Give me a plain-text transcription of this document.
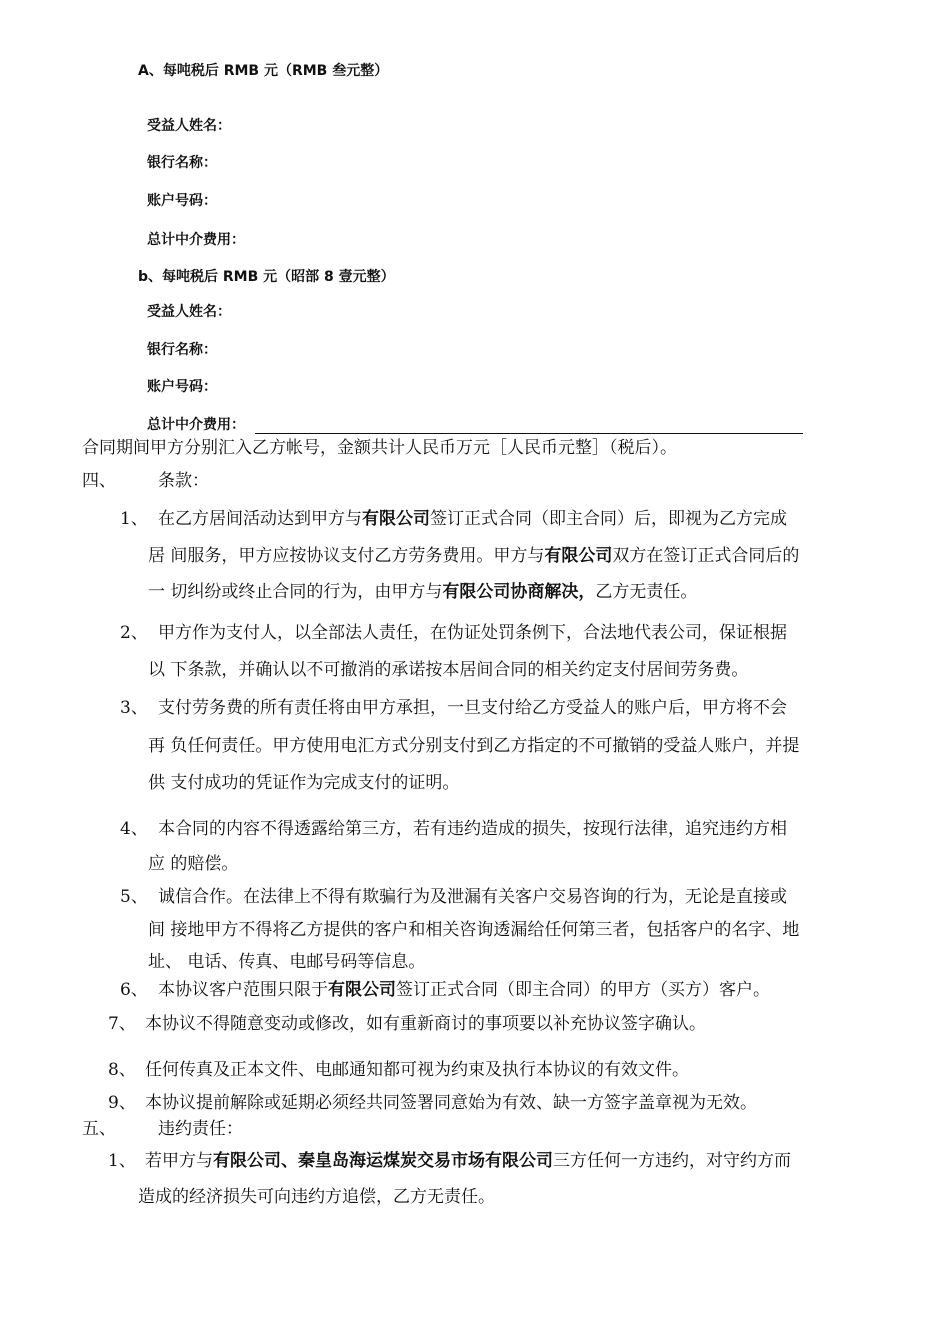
A、每吨税后 RMB 元（RMB 叁元整）
受益人姓名：
银行名称：
账户号码：
总计中介费用：
b、每吨税后 RMB 元（昭部 8 壹元整）
受益人姓名：
银行名称：
账户号码：
总计中介费用：
合同期间甲方分别汇入乙方帐号，金额共计人民币万元［人民币元整］（税后）。
四、 条款：
1、 在乙方居间活动达到甲方与有限公司签订正式合同（即主合同）后，即视为乙方完成
居 间服务，甲方应按协议支付乙方劳务费用。甲方与有限公司双方在签订正式合同后的
一 切纠纷或终止合同的行为，由甲方与有限公司协商解决，乙方无责任。
2、 甲方作为支付人，以全部法人责任，在伪证处罚条例下，合法地代表公司，保证根据
以 下条款，并确认以不可撤消的承诺按本居间合同的相关约定支付居间劳务费。
3、 支付劳务费的所有责任将由甲方承担，一旦支付给乙方受益人的账户后，甲方将不会
再 负任何责任。甲方使用电汇方式分别支付到乙方指定的不可撤销的受益人账户，并提
供 支付成功的凭证作为完成支付的证明。
4、 本合同的内容不得透露给第三方，若有违约造成的损失，按现行法律，追究违约方相
应 的赔偿。
5、 诚信合作。在法律上不得有欺骗行为及泄漏有关客户交易咨询的行为，无论是直接或
间 接地甲方不得将乙方提供的客户和相关咨询透漏给任何第三者，包括客户的名字、地
址、 电话、传真、电邮号码等信息。
6、 本协议客户范围只限于有限公司签订正式合同（即主合同）的甲方（买方）客户。
7、 本协议不得随意变动或修改，如有重新商讨的事项要以补充协议签字确认。
8、 任何传真及正本文件、电邮通知都可视为约束及执行本协议的有效文件。
9、 本协议提前解除或延期必须经共同签署同意始为有效、缺一方签字盖章视为无效。
五、 违约责任：
1、 若甲方与有限公司、秦皇岛海运煤炭交易市场有限公司三方任何一方违约，对守约方而
造成的经济损失可向违约方追偿，乙方无责任。
